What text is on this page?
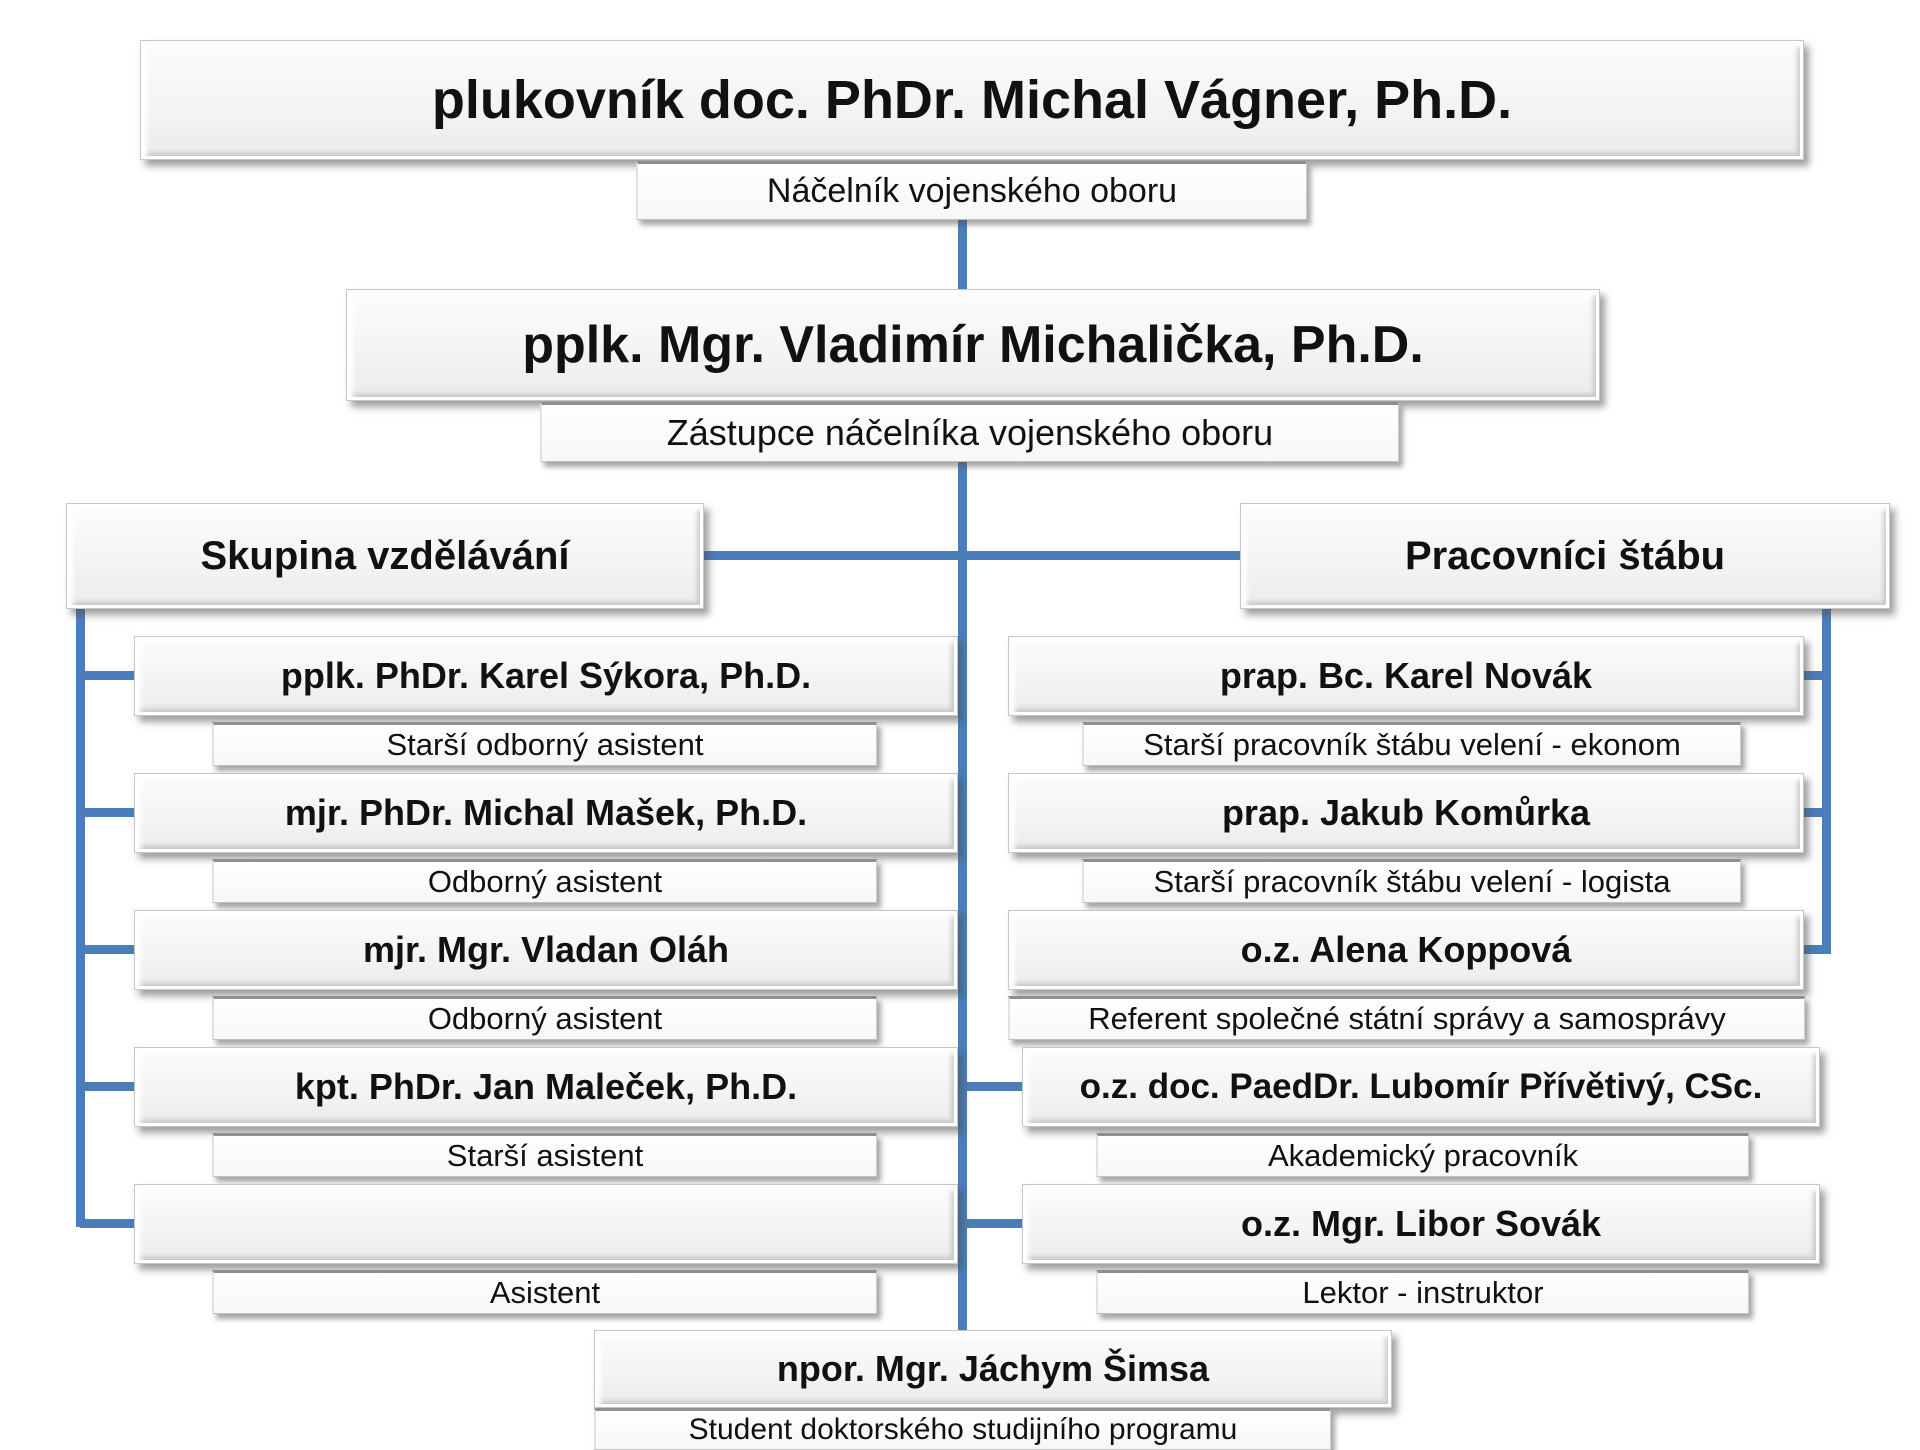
plukovník doc. PhDr. Michal Vágner, Ph.D.
Náčelník vojenského oboru
pplk. Mgr. Vladimír Michalička, Ph.D.
Zástupce náčelníka vojenského oboru
Skupina vzdělávání	Pracovníci štábu
pplk. PhDr. Karel Sýkora, Ph.D.
Starší odborný asistent
mjr. PhDr. Michal Mašek, Ph.D.
Odborný asistent
mjr. Mgr. Vladan Oláh
Odborný asistent
kpt. PhDr. Jan Maleček, Ph.D.
Starší asistent
Asistent
prap. Bc. Karel Novák
Starší pracovník štábu velení - ekonom
prap. Jakub Komůrka
Starší pracovník štábu velení - logista
o.z. Alena Koppová
Referent společné státní správy a samosprávy
o.z. doc. PaedDr. Lubomír Přívětivý, CSc.
Akademický pracovník
o.z. Mgr. Libor Sovák
Lektor - instruktor
npor. Mgr. Jáchym Šimsa
Student doktorského studijního programu
